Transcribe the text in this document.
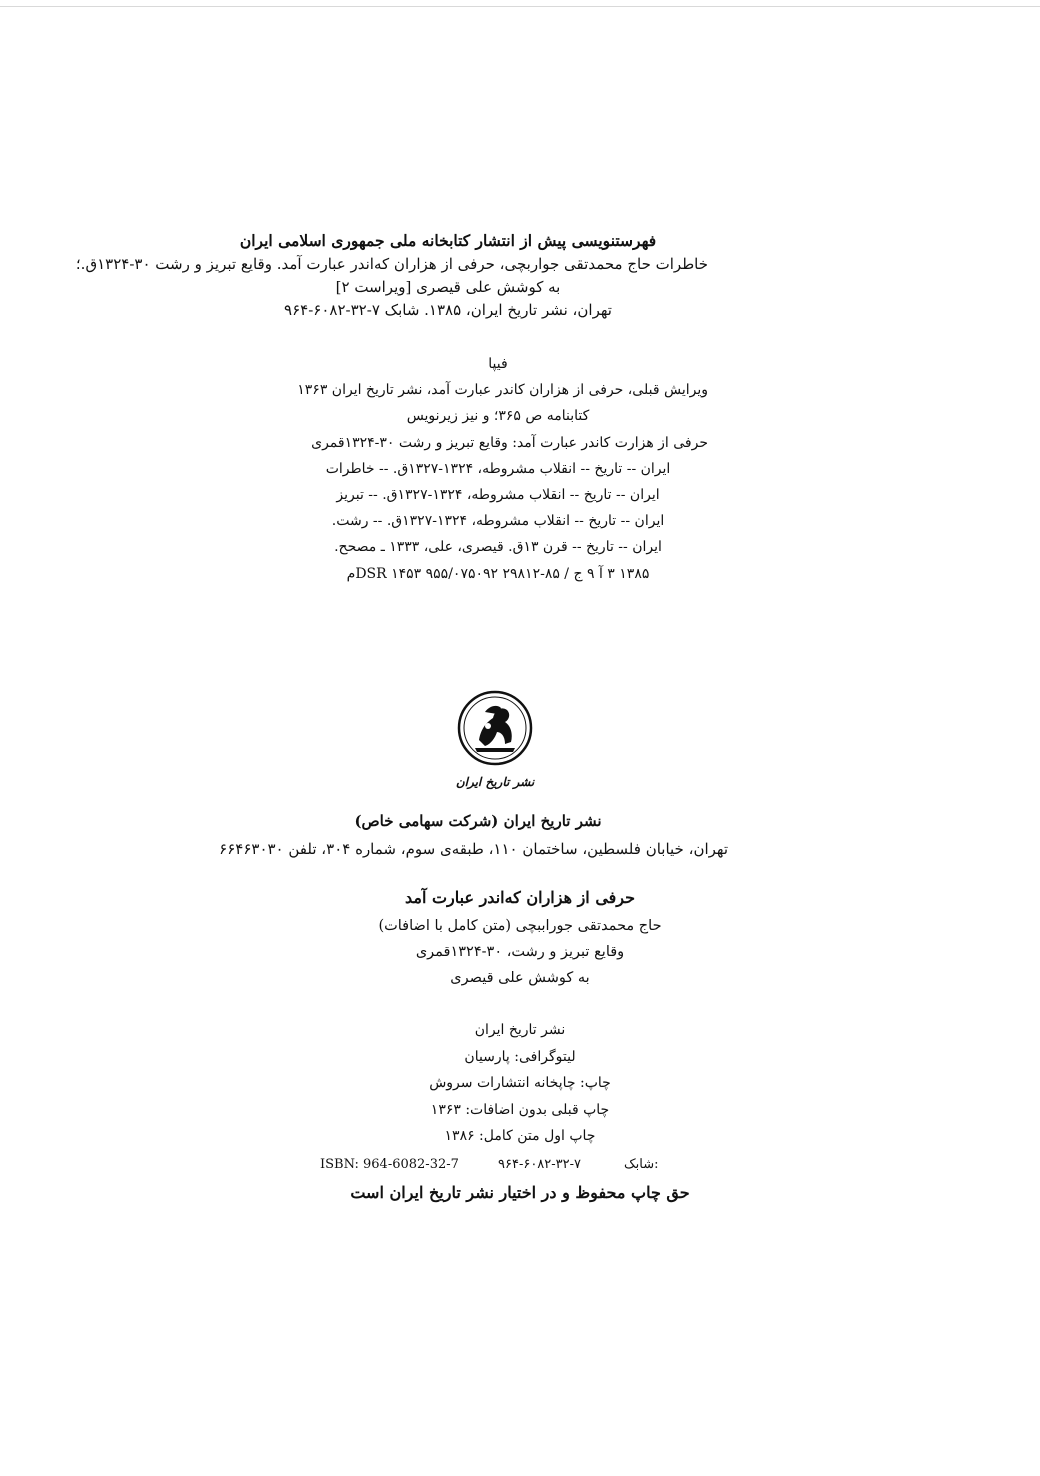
فهرستنویسی پیش از انتشار کتابخانه ملی جمهوری اسلامی ایران
خاطرات حاج محمدتقی جواربچی، حرفی از هزاران که‌اندر عبارت آمد. وقایع تبریز و رشت ۳۰-۱۳۲۴ق.؛
به کوشش علی قیصری [ویراست ۲]
تهران، نشر تاریخ ایران، ۱۳۸۵. شابک ۷-۳۲-۶۰۸۲-۹۶۴
فیپا
ویرایش قبلی، حرفی از هزاران کاندر عبارت آمد، نشر تاریخ ایران ۱۳۶۳
کتابنامه ص ۳۶۵؛ و نیز زیرنویس
حرفی از هزارت کاندر عبارت آمد: وقایع تبریز و رشت ۳۰-۱۳۲۴قمری
ایران -- تاریخ -- انقلاب مشروطه، ۱۳۲۴-۱۳۲۷ق. -- خاطرات
ایران -- تاریخ -- انقلاب مشروطه، ۱۳۲۴-۱۳۲۷ق. -- تبریز
ایران -- تاریخ -- انقلاب مشروطه، ۱۳۲۴-۱۳۲۷ق. -- رشت.
ایران -- تاریخ -- قرن ۱۳ق. قیصری، علی، ۱۳۳۳ ـ مصحح.
۱۳۸۵ ۳ آ ۹ ج / DSR ۱۴۵۳ ۹۵۵/۰۷۵۰۹۲ ۲۹۸۱۲-۸۵م
نشر تاریخ ایران
نشر تاریخ ایران (شرکت سهامی خاص)
تهران، خیابان فلسطین، ساختمان ۱۱۰، طبقه‌ی سوم، شماره ۳۰۴، تلفن ۶۶۴۶۳۰۳۰
حرفی از هزاران که‌اندر عبارت آمد
حاج محمدتقی جوراببچی (متن کامل با اضافات)
وقایع تبریز و رشت، ۳۰-۱۳۲۴قمری
به کوشش علی قیصری
نشر تاریخ ایران
لیتوگرافی: پارسیان
چاپ: چاپخانه انتشارات سروش
چاپ قبلی بدون اضافات: ۱۳۶۳
چاپ اول متن کامل: ۱۳۸۶
ISBN: 964-6082-32-7	۹۶۴-۶۰۸۲-۳۲-۷	شابک:
حق چاپ محفوظ و در اختیار نشر تاریخ ایران است
